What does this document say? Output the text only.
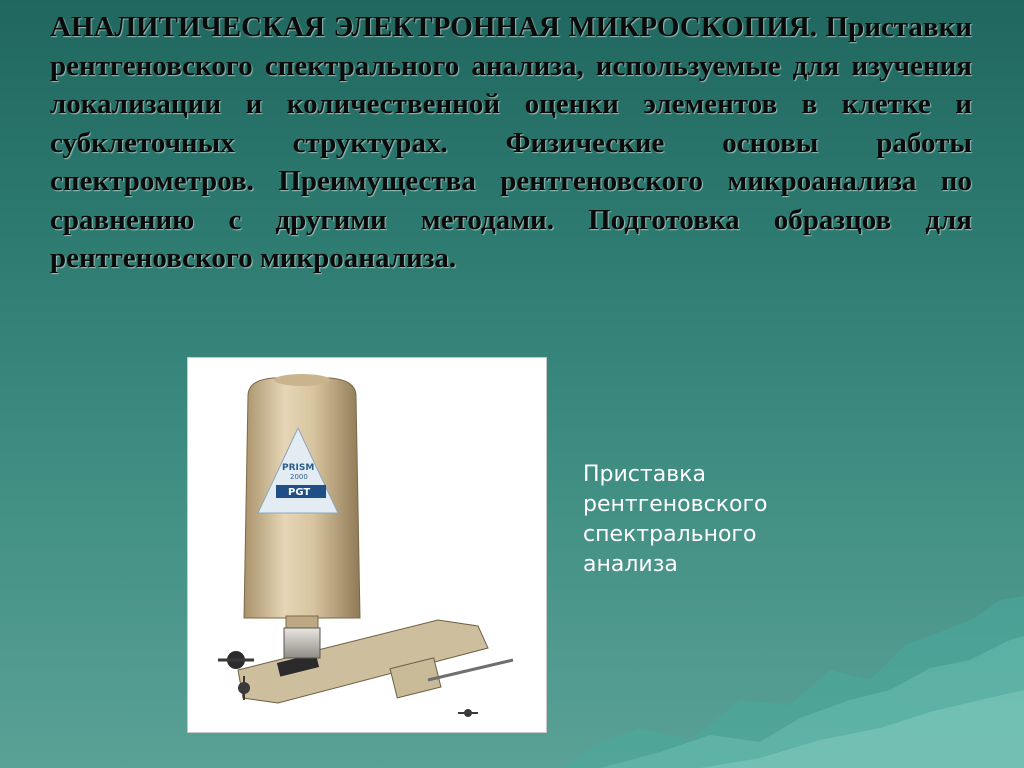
АНАЛИТИЧЕСКАЯ ЭЛЕКТРОННАЯ МИКРОСКОПИЯ. Приставки рентгеновского спектрального анализа, используемые для изучения локализации и количественной оценки элементов в клетке и субклеточных структурах. Физические основы работы спектрометров. Преимущества рентгеновского микроанализа по сравнению с другими методами. Подготовка образцов для рентгеновского микроанализа.

PRISM
2000
PGT
Приставка
рентгеновского
спектрального
анализа
